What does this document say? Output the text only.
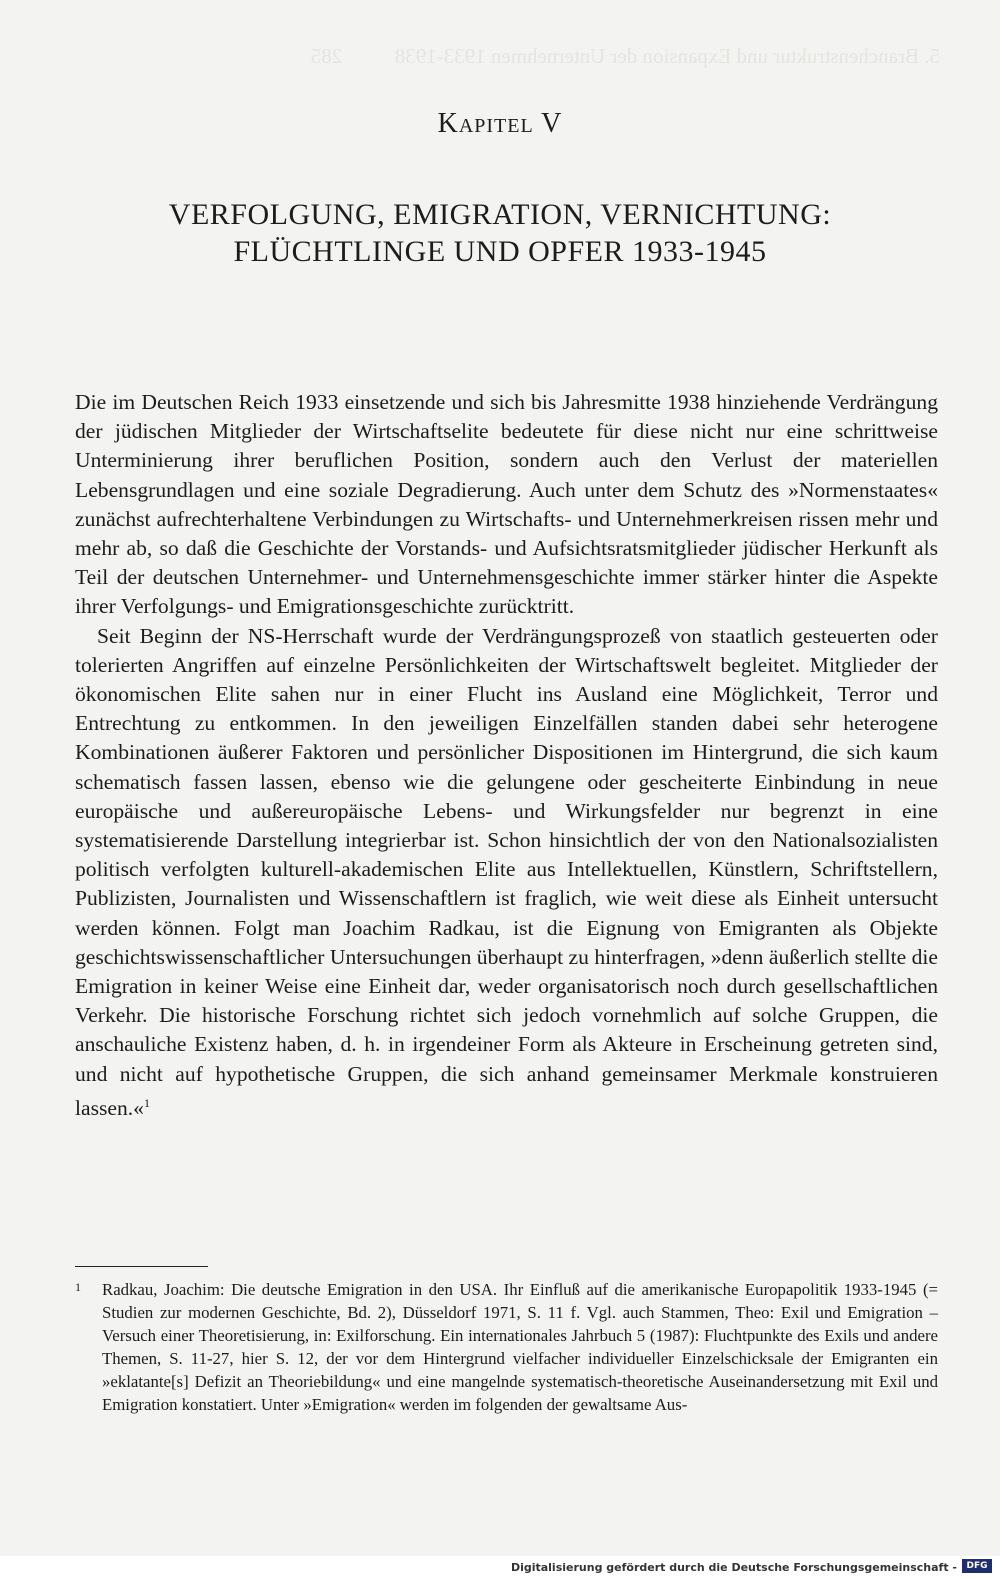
5. Branchenstruktur und Expansion der Unternehmen 1933-1938          285
Kapitel V
VERFOLGUNG, EMIGRATION, VERNICHTUNG:
FLÜCHTLINGE UND OPFER 1933-1945

Die im Deutschen Reich 1933 einsetzende und sich bis Jahresmitte 1938 hinziehende Verdrängung der jüdischen Mitglieder der Wirtschaftselite bedeutete für diese nicht nur eine schrittweise Unterminierung ihrer beruflichen Position, sondern auch den Verlust der materiellen Lebensgrundlagen und eine soziale Degradierung. Auch unter dem Schutz des »Normenstaates« zunächst aufrechterhaltene Verbindungen zu Wirtschafts- und Unternehmerkreisen rissen mehr und mehr ab, so daß die Geschichte der Vorstands- und Aufsichtsratsmitglieder jüdischer Herkunft als Teil der deutschen Unternehmer- und Unternehmensgeschichte immer stärker hinter die Aspekte ihrer Verfolgungs- und Emigrationsgeschichte zurücktritt.

Seit Beginn der NS-Herrschaft wurde der Verdrängungsprozeß von staatlich gesteuerten oder tolerierten Angriffen auf einzelne Persönlichkeiten der Wirtschaftswelt begleitet. Mitglieder der ökonomischen Elite sahen nur in einer Flucht ins Ausland eine Möglichkeit, Terror und Entrechtung zu entkommen. In den jeweiligen Einzelfällen standen dabei sehr heterogene Kombinationen äußerer Faktoren und persönlicher Dispositionen im Hintergrund, die sich kaum schematisch fassen lassen, ebenso wie die gelungene oder gescheiterte Einbindung in neue europäische und außereuropäische Lebens- und Wirkungsfelder nur begrenzt in eine systematisierende Darstellung integrierbar ist. Schon hinsichtlich der von den Nationalsozialisten politisch verfolgten kulturell-akademischen Elite aus Intellektuellen, Künstlern, Schriftstellern, Publizisten, Journalisten und Wissenschaftlern ist fraglich, wie weit diese als Einheit untersucht werden können. Folgt man Joachim Radkau, ist die Eignung von Emigranten als Objekte geschichtswissenschaftlicher Untersuchungen überhaupt zu hinterfragen, »denn äußerlich stellte die Emigration in keiner Weise eine Einheit dar, weder organisatorisch noch durch gesellschaftlichen Verkehr. Die historische Forschung richtet sich jedoch vornehmlich auf solche Gruppen, die anschauliche Existenz haben, d. h. in irgendeiner Form als Akteure in Erscheinung getreten sind, und nicht auf hypothetische Gruppen, die sich anhand gemeinsamer Merkmale konstruieren lassen.«$^1$

1	Radkau, Joachim: Die deutsche Emigration in den USA. Ihr Einfluß auf die amerikanische Europapolitik 1933-1945 (= Studien zur modernen Geschichte, Bd. 2), Düsseldorf 1971, S. 11 f. Vgl. auch Stammen, Theo: Exil und Emigration – Versuch einer Theoretisierung, in: Exilforschung. Ein internationales Jahrbuch 5 (1987): Fluchtpunkte des Exils und andere Themen, S. 11-27, hier S. 12, der vor dem Hintergrund vielfacher individueller Einzelschicksale der Emigranten ein »eklatante[s] Defizit an Theoriebildung« und eine mangelnde systematisch-theoretische Auseinandersetzung mit Exil und Emigration konstatiert. Unter »Emigration« werden im folgenden der gewaltsame Aus-
Digitalisierung gefördert durch die Deutsche Forschungsgemeinschaft -	DFG
